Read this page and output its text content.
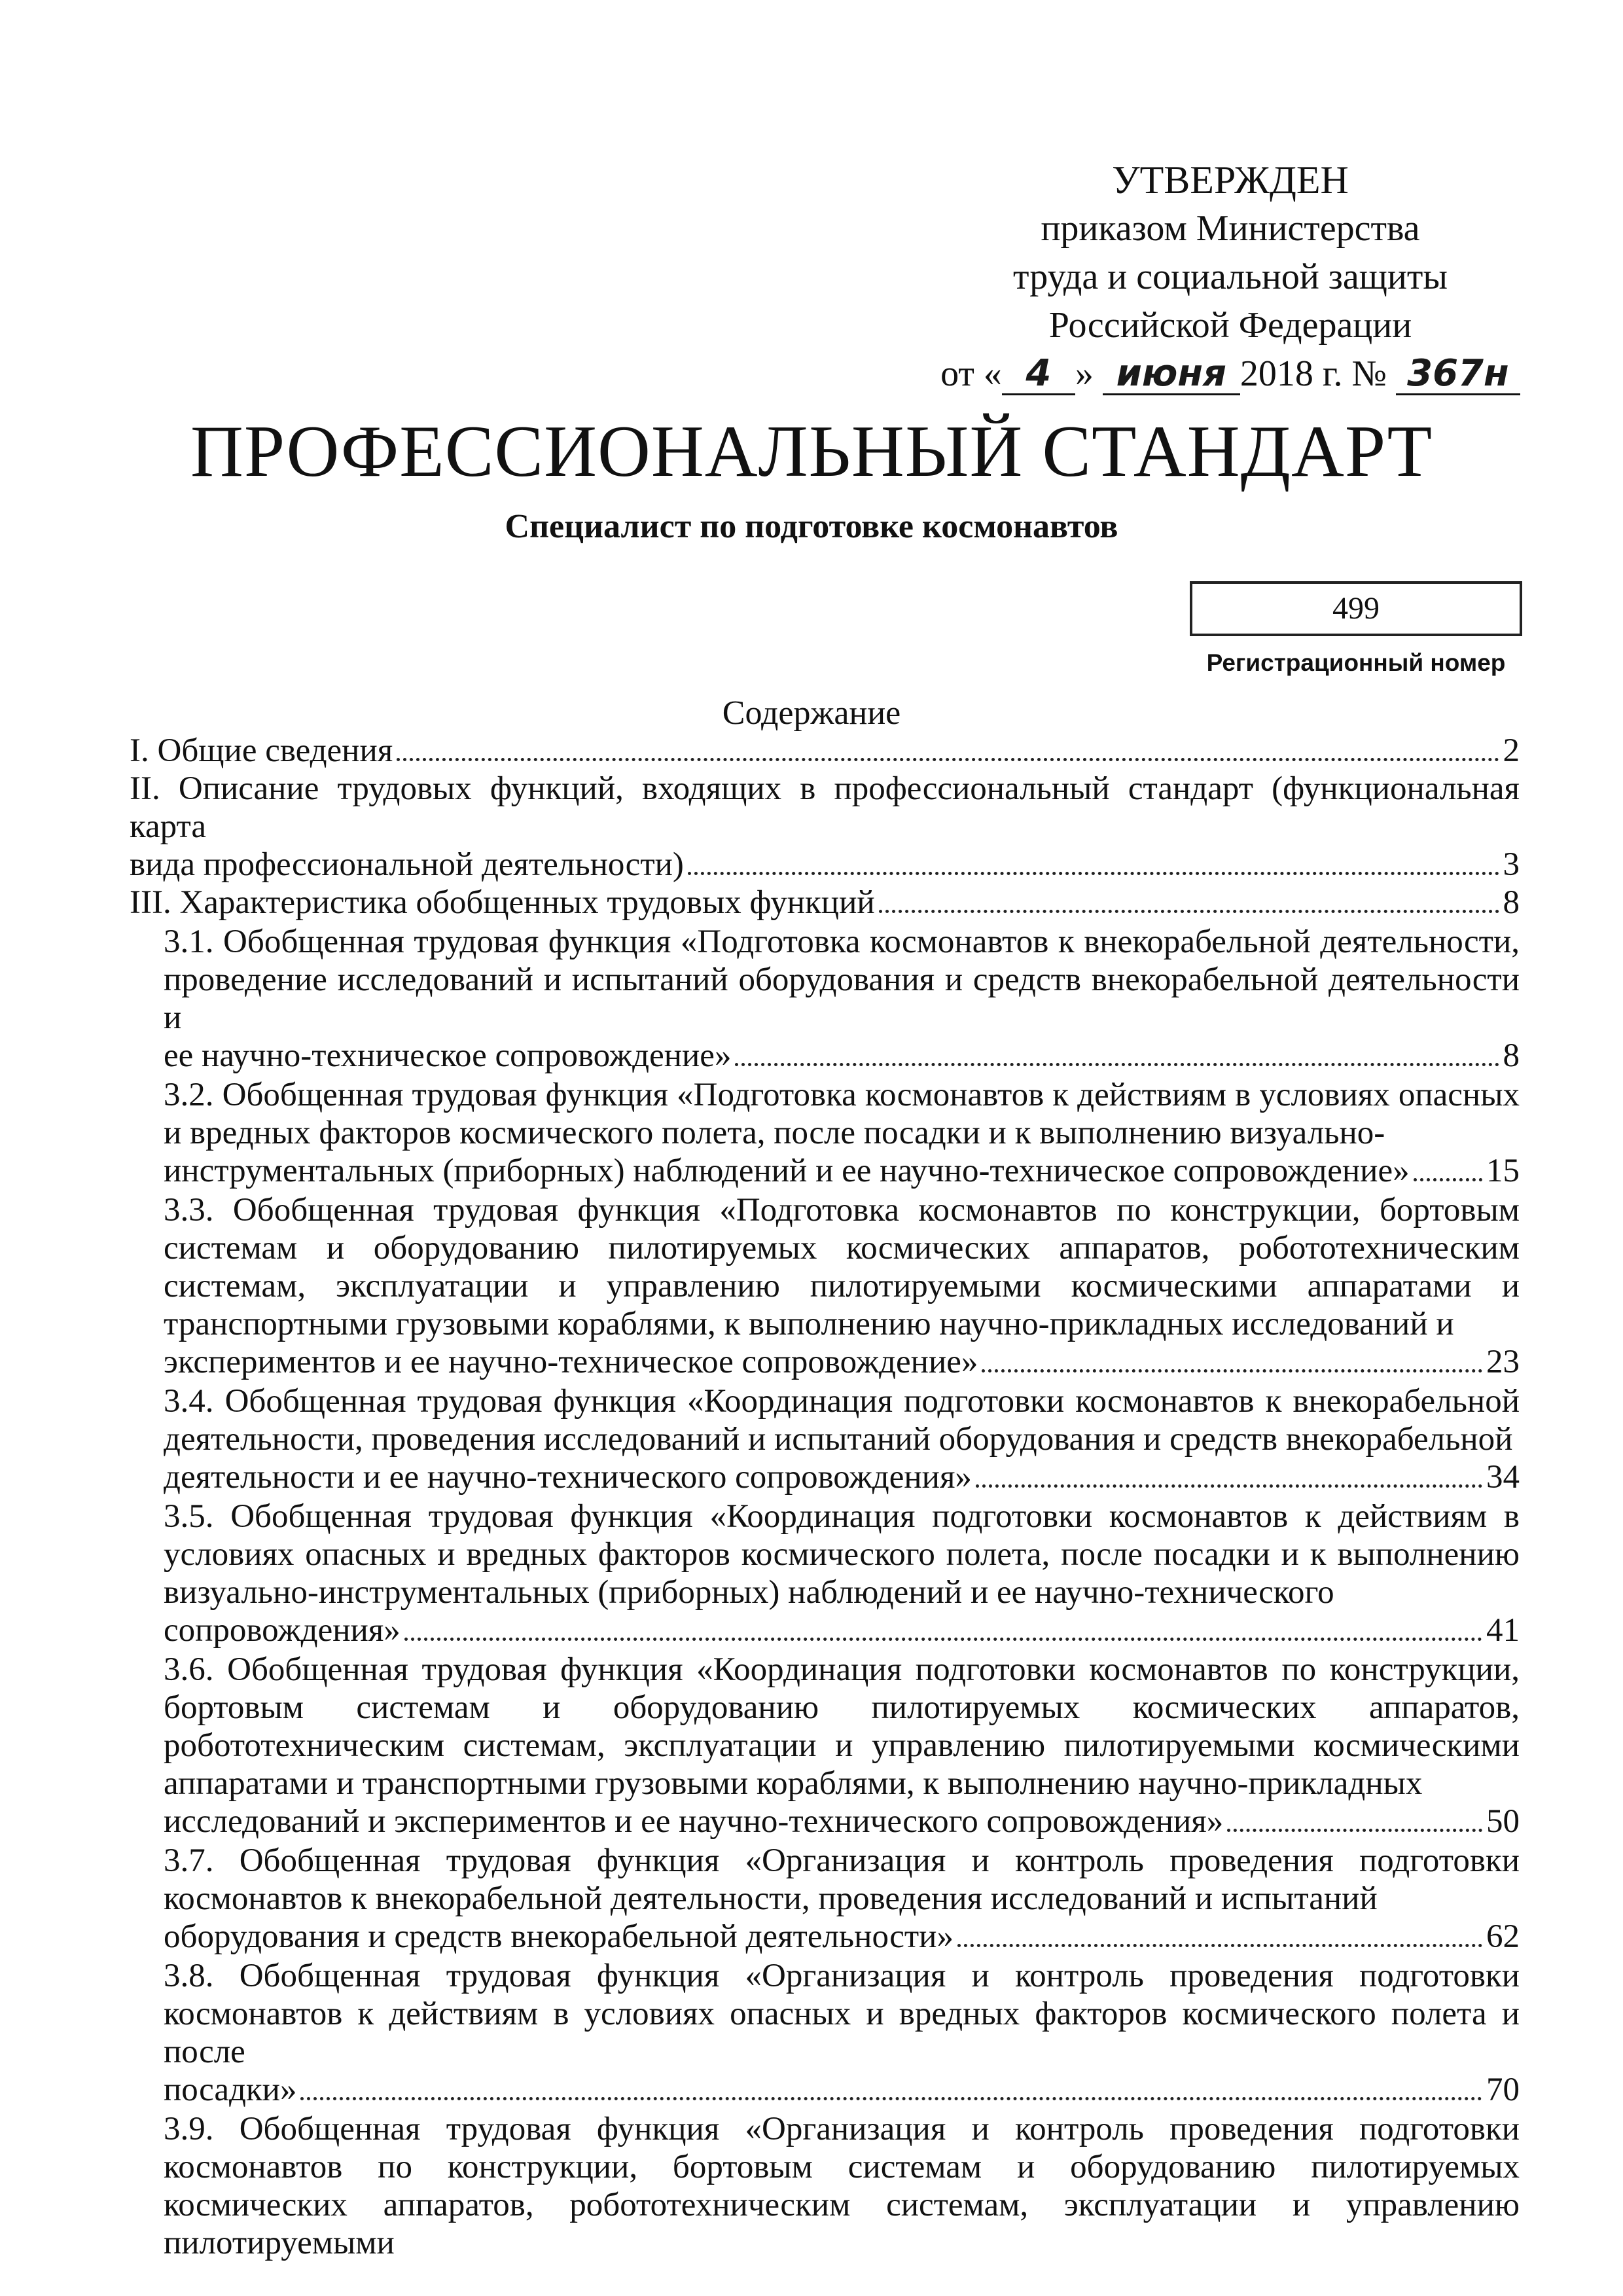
УТВЕРЖДЕН
приказом Министерства
труда и социальной защиты
Российской Федерации
от « 4 » июня 2018 г. № 367н
ПРОФЕССИОНАЛЬНЫЙ СТАНДАРТ
Специалист по подготовке космонавтов
499
Регистрационный номер
Содержание
I. Общие сведения	2
II. Описание трудовых функций, входящих в профессиональный стандарт (функциональная карта
вида профессиональной деятельности)	3
III. Характеристика обобщенных трудовых функций	8
3.1. Обобщенная трудовая функция «Подготовка космонавтов к внекорабельной деятельности, проведение исследований и испытаний оборудования и средств внекорабельной деятельности и
ее научно-техническое сопровождение»	8
3.2. Обобщенная трудовая функция «Подготовка космонавтов к действиям в условиях опасных и вредных факторов космического полета, после посадки и к выполнению визуально-
инструментальных (приборных) наблюдений и ее научно-техническое сопровождение» 15
3.3. Обобщенная трудовая функция «Подготовка космонавтов по конструкции, бортовым системам и оборудованию пилотируемых космических аппаратов, робототехническим системам, эксплуатации и управлению пилотируемыми космическими аппаратами и транспортными грузовыми кораблями, к выполнению научно-прикладных исследований и
экспериментов и ее научно-техническое сопровождение»	23
3.4. Обобщенная трудовая функция «Координация подготовки космонавтов к внекорабельной деятельности, проведения исследований и испытаний оборудования и средств внекорабельной
деятельности и ее научно-технического сопровождения»	34
3.5. Обобщенная трудовая функция «Координация подготовки космонавтов к действиям в условиях опасных и вредных факторов космического полета, после посадки и к выполнению визуально-инструментальных (приборных) наблюдений и ее научно-технического
сопровождения»	41
3.6. Обобщенная трудовая функция «Координация подготовки космонавтов по конструкции, бортовым системам и оборудованию пилотируемых космических аппаратов, робототехническим системам, эксплуатации и управлению пилотируемыми космическими аппаратами и транспортными грузовыми кораблями, к выполнению научно-прикладных
исследований и экспериментов и ее научно-технического сопровождения»	50
3.7. Обобщенная трудовая функция «Организация и контроль проведения подготовки космонавтов к внекорабельной деятельности, проведения исследований и испытаний
оборудования и средств внекорабельной деятельности»	62
3.8. Обобщенная трудовая функция «Организация и контроль проведения подготовки космонавтов к действиям в условиях опасных и вредных факторов космического полета и после
посадки»	70
3.9. Обобщенная трудовая функция «Организация и контроль проведения подготовки космонавтов по конструкции, бортовым системам и оборудованию пилотируемых космических аппаратов, робототехническим системам, эксплуатации и управлению пилотируемыми
